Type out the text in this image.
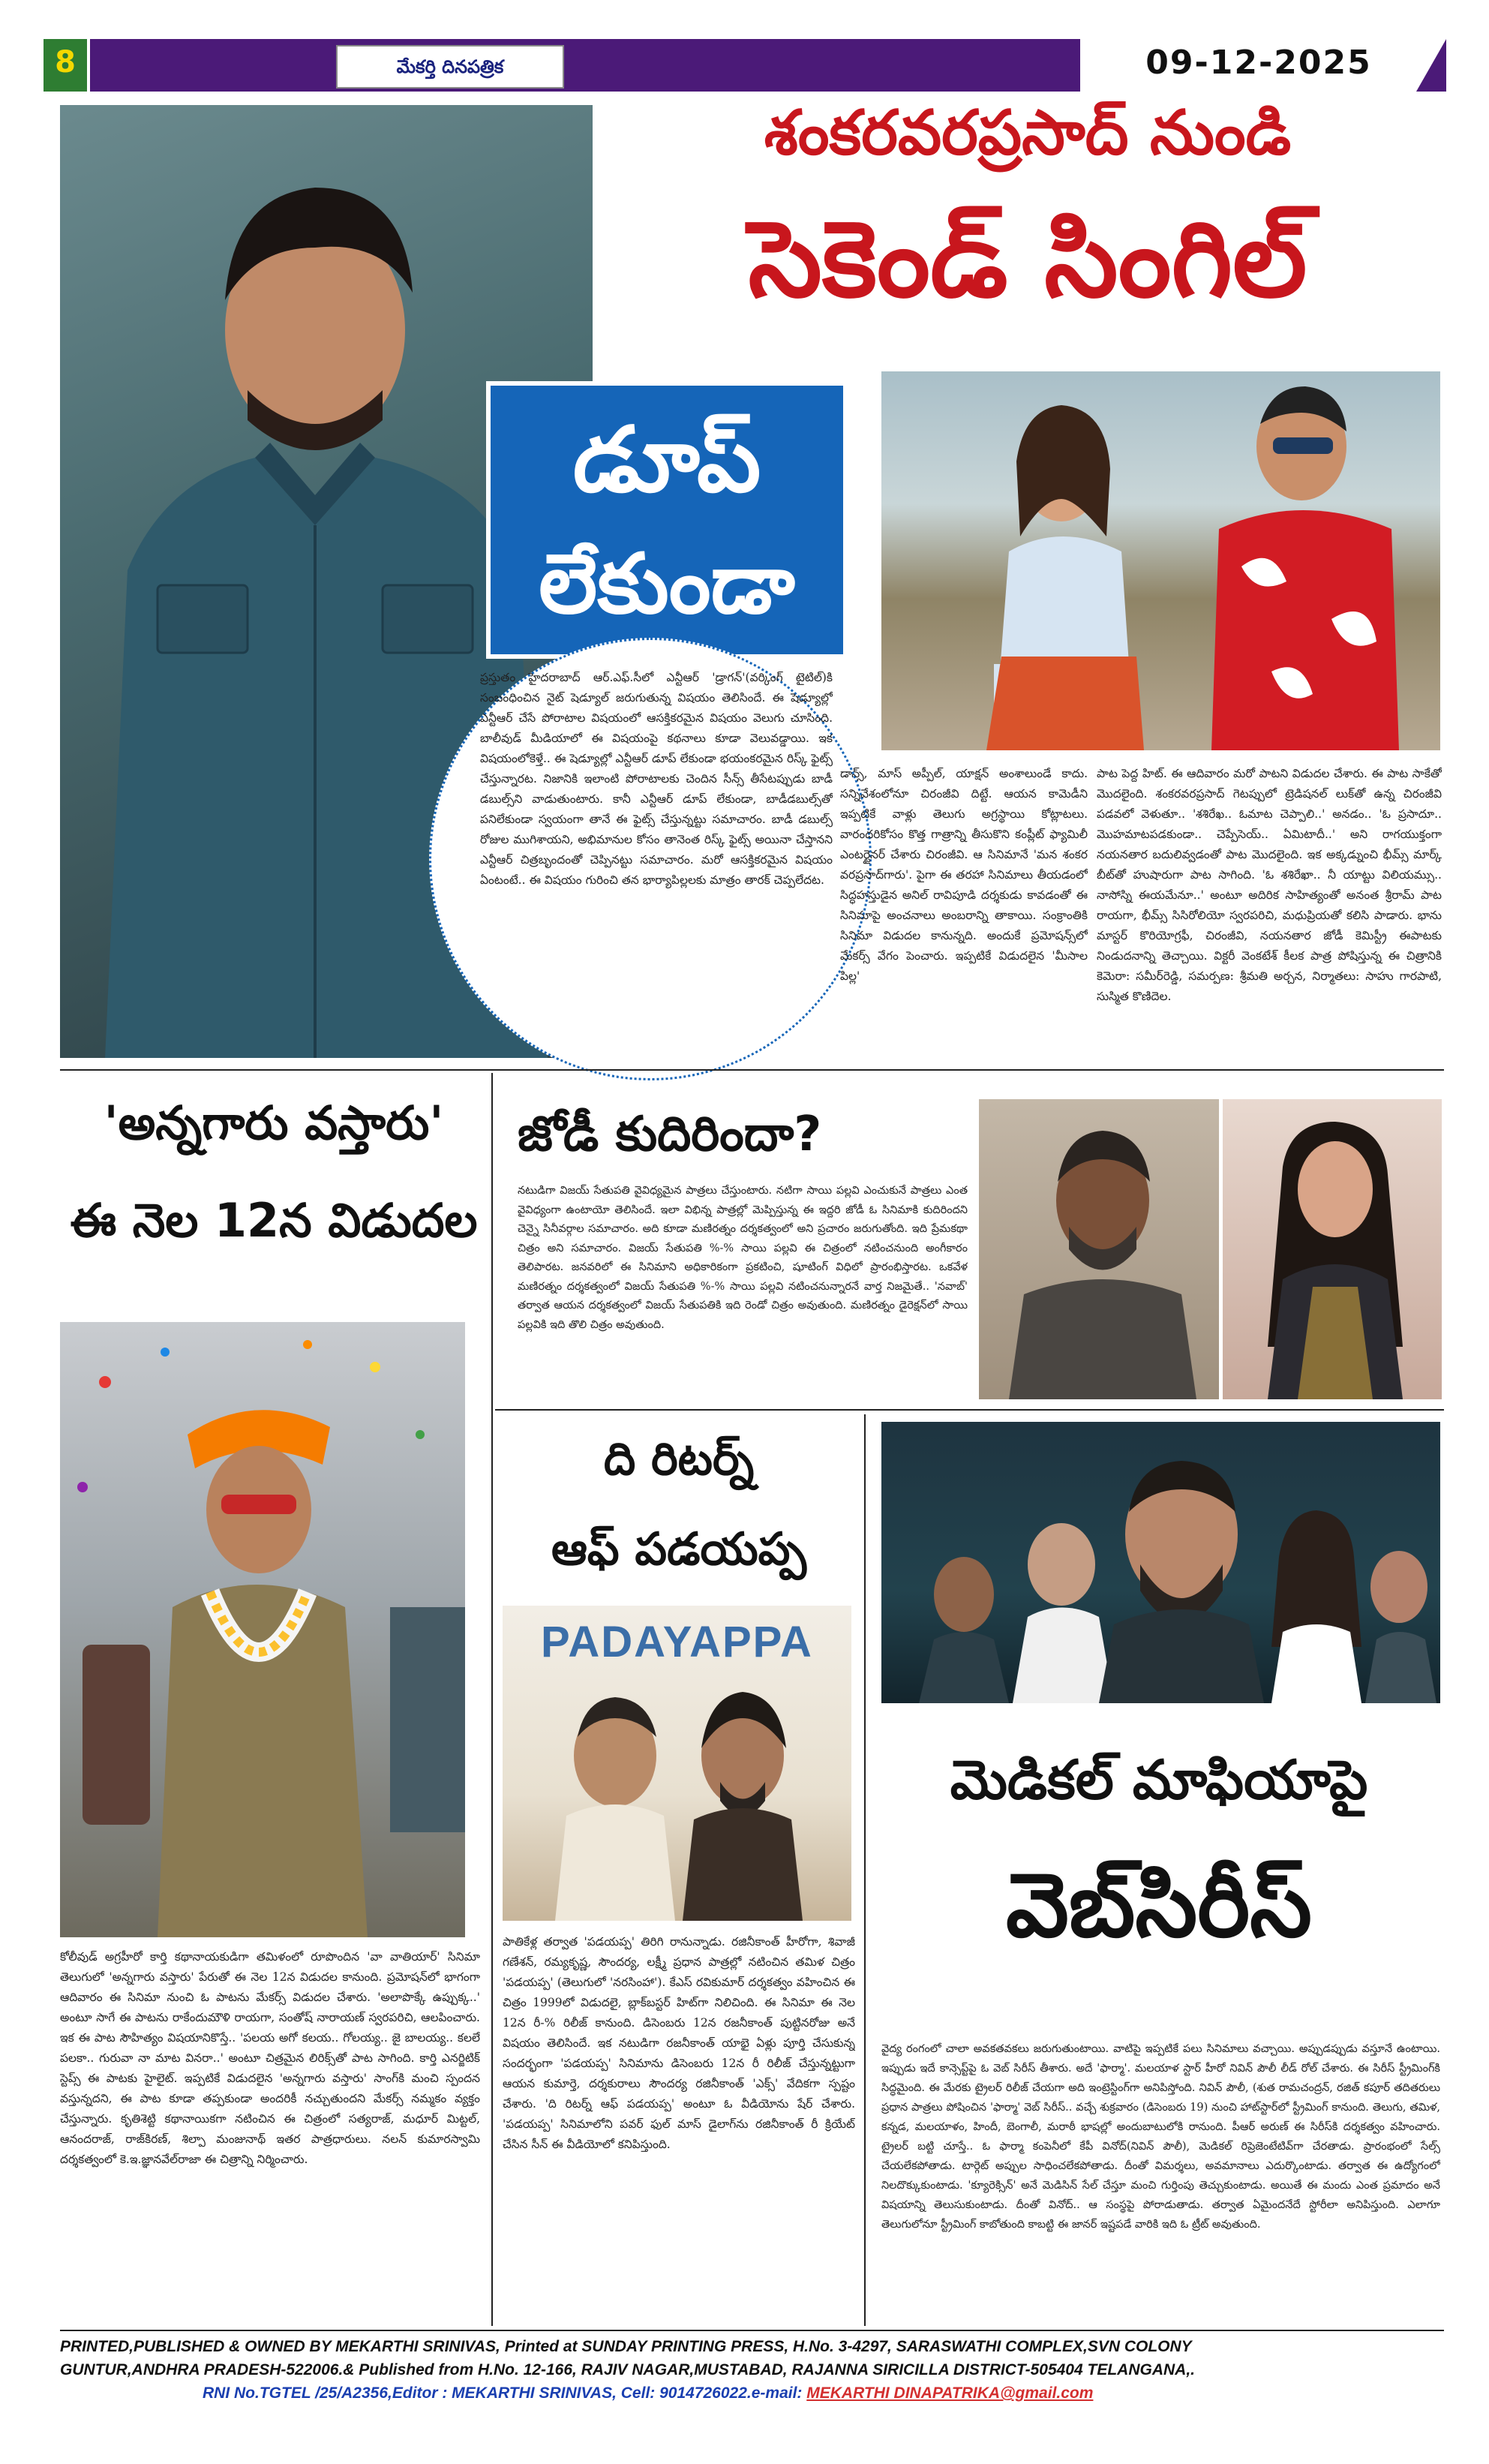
8	మేకర్తి దినపత్రిక	09-12-2025
శంకరవరప్రసాద్ నుండి
సెకెండ్ సింగిల్
డూప్
లేకుండా
ప్రస్తుతం హైదరాబాద్ ఆర్.ఎఫ్.సీలో ఎన్టీఆర్ 'డ్రాగన్'(వర్కింగ్ టైటిల్)కి సంబంధించిన నైట్ షెడ్యూల్ జరుగుతున్న విషయం తెలిసిందే. ఈ షెడ్యూల్లో ఎన్టీఆర్ చేసే పోరాటాల విషయంలో ఆసక్తికరమైన విషయం వెలుగు చూసింది. బాలీవుడ్ మీడియాలో ఈ విషయంపై కథనాలు కూడా వెలువడ్డాయి. ఇక విషయంలోకెళ్తే.. ఈ షెడ్యూల్లో ఎన్టీఆర్ డూప్ లేకుండా భయంకరమైన రిస్క్ ఫైట్స్ చేస్తున్నారట. నిజానికి ఇలాంటి పోరాటాలకు చెందిన సీన్స్ తీసేటప్పుడు బాడీ డబుల్స్‌ని వాడుతుంటారు. కానీ ఎన్టీఆర్ డూప్ లేకుండా, బాడీడబుల్స్‌తో పనిలేకుండా స్వయంగా తానే ఈ ఫైట్స్ చేస్తున్నట్టు సమాచారం. బాడీ డబుల్స్ రోజుల ముగిశాయని, అభిమానుల కోసం తానెంత రిస్క్ ఫైట్స్ అయినా చేస్తానని ఎన్టీఆర్ చిత్రబృందంతో చెప్పినట్టు సమాచారం. మరో ఆసక్తికరమైన విషయం ఏంటంటే.. ఈ విషయం గురించి తన భార్యాపిల్లలకు మాత్రం తారక్ చెప్పలేదట.
డాన్స్, మాస్ అప్పీల్, యాక్షన్ అంశాలుండే కాదు. సన్నివేశంలోనూ చిరంజీవి దిట్టే. ఆయన కామెడీని ఇప్పటికే వాళ్లు తెలుగు అగ్రస్థాయి కోట్లాటలు. వారందరికోసం కొత్త గాత్రాన్ని తీసుకొని కంప్లీట్ ఫ్యామిలీ ఎంటర్టైనర్ చేశారు చిరంజీవి. ఆ సినిమానే 'మన శంకర వరప్రసాద్‌గారు'. పైగా ఈ తరహా సినిమాలు తీయడంలో సిద్ధహస్తుడైన అనిల్ రావిపూడి దర్శకుడు కావడంతో ఈ సినిమాపై అంచనాలు అంబరాన్ని తాకాయి. సంక్రాంతికి సినిమా విడుదల కానున్నది. అందుకే ప్రమోషన్స్‌లో మేకర్స్ వేగం పెంచారు. ఇప్పటికే విడుదలైన 'మీసాల పిల్ల'
పాట పెద్ద హిట్. ఈ ఆదివారం మరో పాటని విడుదల చేశారు. ఈ పాట సాకేతో మొదలైంది. శంకరవరప్రసాద్ గెటప్పులో ట్రెడిషనల్ లుక్‌తో ఉన్న చిరంజీవి పడవలో వెళుతూ.. 'శశిరేఖ.. ఓమాట చెప్పాలి..' అనడం.. 'ఓ ప్రసాదూ.. మొహమాటపడకుండా.. చెప్పేసెయ్.. ఏమిటాదీ..' అని రాగయుక్తంగా నయనతార బదులివ్వడంతో పాట మొదలైంది. ఇక అక్కడ్నుంచి భీమ్స్ మార్క్ బీట్‌తో హుషారుగా పాట సాగింది. 'ఓ శశిరేఖా.. నీ యాట్టు విలియమ్సు.. నాసోస్ని ఈయమేనూ..' అంటూ అదిరిక సాహిత్యంతో అనంత శ్రీరామ్ పాట రాయగా, భీమ్స్ సిసిరోలియో స్వరపరిచి, మధుప్రియతో కలిసి పాడారు. భాను మాస్టర్ కొరియోగ్రఫీ, చిరంజీవి, నయనతార జోడీ కెమిస్ట్రీ ఈపాటకు నిండుదనాన్ని తెచ్చాయి. విక్టరీ వెంకటేశ్ కీలక పాత్ర పోషిస్తున్న ఈ చిత్రానికి కెమెరా: సమీర్‌రెడ్డి, సమర్పణ: శ్రీమతి అర్చన, నిర్మాతలు: సాహు గారపాటి, సుస్మిత కొణిదెల.
'అన్నగారు వస్తారు'
ఈ నెల 12న విడుదల
కోలీవుడ్ అగ్రహీరో కార్తి కథానాయకుడిగా తమిళంలో రూపొందిన 'వా వాతియార్' సినిమా తెలుగులో 'అన్నగారు వస్తారు' పేరుతో ఈ నెల 12న విడుదల కానుంది. ప్రమోషన్‌లో భాగంగా ఆదివారం ఈ సినిమా నుంచి ఓ పాటను మేకర్స్ విడుదల చేశారు. 'అలాపొక్కే ఉప్పుక్క..' అంటూ సాగే ఈ పాటను రాకేందుమౌళి రాయగా, సంతోష్ నారాయణ్ స్వరపరిచి, ఆలపించారు. ఇక ఈ పాట సౌహిత్యం విషయానికొస్తే.. 'పలయ అగో కలయ.. గోలయ్య.. జై బాలయ్య.. కలలే పలకా.. గురువా నా మాట వినరా..' అంటూ చిత్రమైన లిరిక్స్‌తో పాట సాగింది. కార్తి ఎనర్జిటిక్ స్టెప్స్ ఈ పాటకు హైలైట్. ఇప్పటికే విడుదలైన 'అన్నగారు వస్తారు' సాంగ్‌కి మంచి స్పందన వస్తున్నదని, ఈ పాట కూడా తప్పకుండా అందరికీ నచ్చుతుందని మేకర్స్ నమ్మకం వ్యక్తం చేస్తున్నారు. కృతిశెట్టి కథానాయికగా నటించిన ఈ చిత్రంలో సత్యరాజ్, మధూర్ మిట్టల్, ఆనందరాజ్, రాజ్‌కిరణ్, శిల్పా మంజునాథ్ ఇతర పాత్రధారులు. నలన్ కుమారస్వామి దర్శకత్వంలో కె.ఇ.జ్ఞానవేల్‌రాజా ఈ చిత్రాన్ని నిర్మించారు.
జోడీ కుదిరిందా?
నటుడిగా విజయ్ సేతుపతి వైవిధ్యమైన పాత్రలు చేస్తుంటారు. నటిగా సాయి పల్లవి ఎంచుకునే పాత్రలు ఎంత వైవిధ్యంగా ఉంటాయో తెలిసిందే. ఇలా విభిన్న పాత్రల్లో మెప్పిస్తున్న ఈ ఇద్దరి జోడీ ఓ సినిమాకి కుదిరిందని చెన్నై సినీవర్గాల సమాచారం. అది కూడా మణిరత్నం దర్శకత్వంలో అని ప్రచారం జరుగుతోంది. ఇది ప్రేమకథా చిత్రం అని సమాచారం. విజయ్ సేతుపతి %-% సాయి పల్లవి ఈ చిత్రంలో నటించనుంది అంగీకారం తెలిపారట. జనవరిలో ఈ సినిమాని అధికారికంగా ప్రకటించి, షూటింగ్ విధిలో ప్రారంభిస్తారట. ఒకవేళ మణిరత్నం దర్శకత్వంలో విజయ్ సేతుపతి %-% సాయి పల్లవి నటించనున్నారనే వార్త నిజమైతే.. 'నవాబ్' తర్వాత ఆయన దర్శకత్వంలో విజయ్ సేతుపతికి ఇది రెండో చిత్రం అవుతుంది. మణిరత్నం డైరెక్షన్‌లో సాయి పల్లవికి ఇది తొలి చిత్రం అవుతుంది.
ది రిటర్న్
ఆఫ్ పడయప్ప
PADAYAPPA
పాతికేళ్ల తర్వాత 'పడయప్ప' తిరిగి రానున్నాడు. రజినీకాంత్ హీరోగా, శివాజీ గణేశన్, రమ్యకృష్ణ, సౌందర్య, లక్ష్మీ ప్రధాన పాత్రల్లో నటించిన తమిళ చిత్రం 'పడయప్ప' (తెలుగులో 'నరసింహా'). కేఎస్ రవికుమార్ దర్శకత్వం వహించిన ఈ చిత్రం 1999లో విడుదలై, బ్లాక్‌బస్టర్ హిట్‌గా నిలిచింది. ఈ సినిమా ఈ నెల 12న రీ-% రిలీజ్ కానుంది. డిసెంబరు 12న రజనీకాంత్ పుట్టినరోజు అనే విషయం తెలిసిందే. ఇక నటుడిగా రజనీకాంత్ యాభై ఏళ్లు పూర్తి చేసుకున్న సందర్భంగా 'పడయప్ప' సినిమాను డిసెంబరు 12న రీ రిలీజ్ చేస్తున్నట్టుగా ఆయన కుమార్తె, దర్శకురాలు సౌందర్య రజినీకాంత్ 'ఎక్స్' వేదికగా స్పష్టం చేశారు. 'ది రిటర్న్ ఆఫ్ పడయప్ప' అంటూ ఓ వీడియోను షేర్ చేశారు. 'పడయప్ప' సినిమాలోని పవర్ ఫుల్ మాస్ డైలాగ్‌ను రజినీకాంత్ రీ క్రియేట్ చేసిన సీన్ ఈ వీడియోలో కనిపిస్తుంది.
మెడికల్ మాఫియాపై
వెబ్‌సిరీస్
వైద్య రంగంలో చాలా అవకతవకలు జరుగుతుంటాయి. వాటిపై ఇప్పటికే పలు సినిమాలు వచ్చాయి. అప్పుడప్పుడు వస్తూనే ఉంటాయి. ఇప్పుడు ఇదే కాన్సెప్ట్‌పై ఓ వెబ్ సిరీస్ తీశారు. అదే 'ఫార్మా'. మలయాళ స్టార్ హీరో నివిన్ పౌలీ లీడ్ రోల్ చేశారు. ఈ సిరీస్ స్ట్రీమింగ్‌కి సిద్ధమైంది. ఈ మేరకు ట్రైలర్ రిలీజ్ చేయగా అది ఇంట్రెస్టింగ్‌గా అనిపిస్తోంది. నివిన్ పౌలీ, (శుత రామచంద్రన్, రజిత్ కపూర్ తదితరులు ప్రధాన పాత్రలు పోషించిన 'ఫార్మా' వెబ్ సిరీస్.. వచ్చే శుక్రవారం (డిసెంబరు 19) నుంచి హాట్‌స్టార్‌లో స్ట్రీమింగ్ కానుంది. తెలుగు, తమిళ, కన్నడ, మలయాళం, హిందీ, బెంగాలీ, మరాఠీ భాషల్లో అందుబాటులోకి రానుంది. పీఆర్ అరుణ్ ఈ సిరీస్‌కి దర్శకత్వం వహించారు. ట్రైలర్ బట్టి చూస్తే.. ఓ ఫార్మా కంపెనీలో కేపీ వినోద్(నివిన్ పౌలీ), మెడికల్ రిప్రెజెంటేటివ్‌గా చేరతాడు. ప్రారంభంలో సేల్స్ చేయలేకపోతాడు. టార్గెట్ అప్పుల సాధించలేకపోతాడు. దీంతో విమర్శలు, అవమానాలు ఎదుర్కొంటాడు. తర్వాత ఈ ఉద్యోగంలో నిలదొక్కుకుంటాడు. 'క్యూరెక్సిన్' అనే మెడిసిన్ సేల్ చేస్తూ మంచి గుర్తింపు తెచ్చుకుంటాడు. అయితే ఈ మందు ఎంత ప్రమాదం అనే విషయాన్ని తెలుసుకుంటాడు. దీంతో వినోద్.. ఆ సంస్థపై పోరాడుతాడు. తర్వాత ఏమైందనేదే స్టోరీలా అనిపిస్తుంది. ఎలాగూ తెలుగులోనూ స్ట్రీమింగ్ కాబోతుంది కాబట్టి ఈ జానర్ ఇష్టపడే వారికి ఇది ఓ ట్రీట్ అవుతుంది.
PRINTED,PUBLISHED & OWNED BY MEKARTHI SRINIVAS, Printed at SUNDAY PRINTING PRESS, H.No. 3-4297, SARASWATHI COMPLEX,SVN COLONY
GUNTUR,ANDHRA PRADESH-522006.& Published from H.No. 12-166, RAJIV NAGAR,MUSTABAD, RAJANNA SIRICILLA DISTRICT-505404 TELANGANA,.
RNI No.TGTEL /25/A2356,Editor : MEKARTHI SRINIVAS, Cell: 9014726022.e-mail: MEKARTHI DINAPATRIKA@gmail.com
